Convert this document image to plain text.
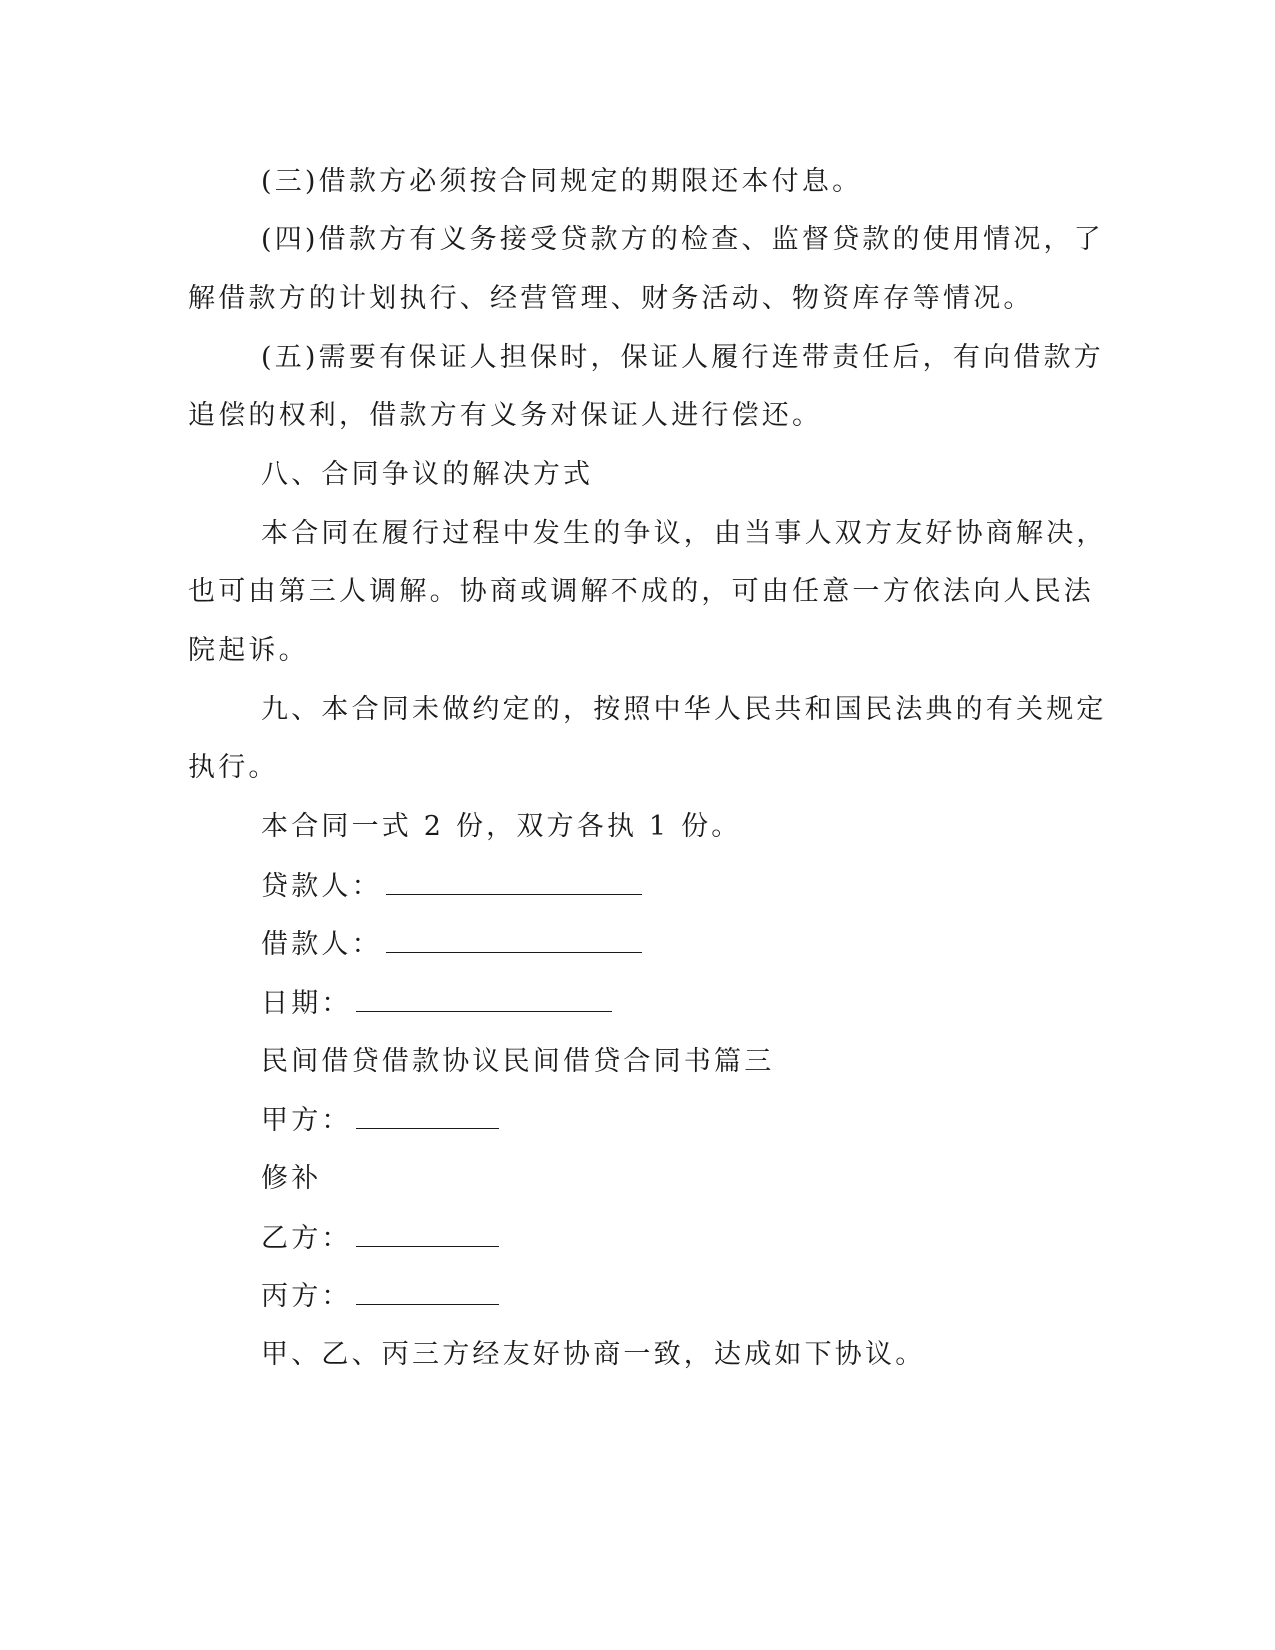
(三)借款方必须按合同规定的期限还本付息。
(四)借款方有义务接受贷款方的检查、监督贷款的使用情况，了
解借款方的计划执行、经营管理、财务活动、物资库存等情况。
(五)需要有保证人担保时，保证人履行连带责任后，有向借款方
追偿的权利，借款方有义务对保证人进行偿还。
八、合同争议的解决方式
本合同在履行过程中发生的争议，由当事人双方友好协商解决，
也可由第三人调解。协商或调解不成的，可由任意一方依法向人民法
院起诉。
九、本合同未做约定的，按照中华人民共和国民法典的有关规定
执行。
本合同一式 2 份，双方各执 1 份。
贷款人：
借款人：
日期：
民间借贷借款协议民间借贷合同书篇三
甲方：
修补
乙方：
丙方：
甲、乙、丙三方经友好协商一致，达成如下协议。
